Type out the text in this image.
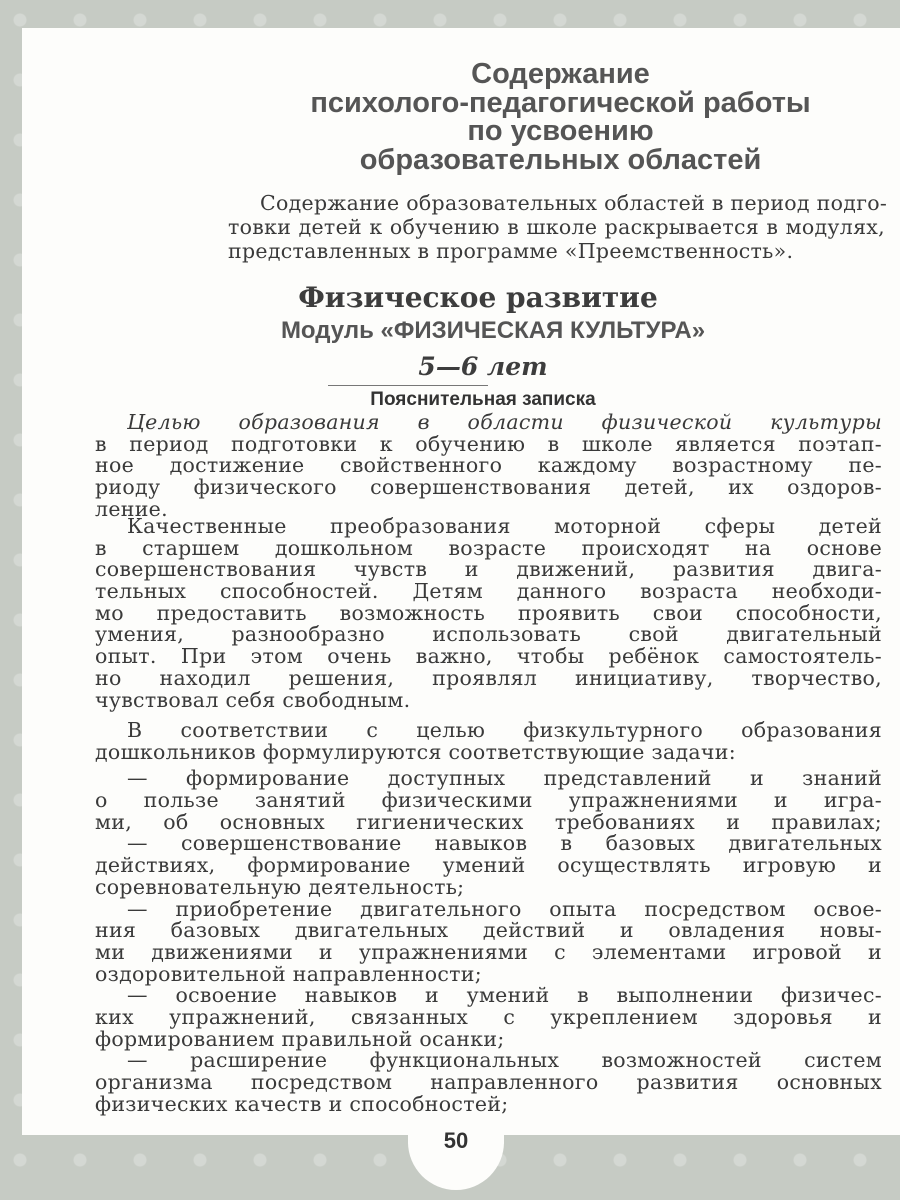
50
Содержание
психолого-педагогической работы
по усвоению
образовательных областей
Содержание образовательных областей в период подго-
товки детей к обучению в школе раскрывается в модулях,
представленных в программе «Преемственность».
Физическое развитие
Модуль «ФИЗИЧЕСКАЯ КУЛЬТУРА»
5—6 лет
Пояснительная записка
Целью образования в области физической культуры
в период подготовки к обучению в школе является поэтап-
ное достижение свойственного каждому возрастному пе-
риоду физического совершенствования детей, их оздоров-
ление.
Качественные преобразования моторной сферы детей
в старшем дошкольном возрасте происходят на основе
совершенствования чувств и движений, развития двига-
тельных способностей. Детям данного возраста необходи-
мо предоставить возможность проявить свои способности,
умения, разнообразно использовать свой двигательный
опыт. При этом очень важно, чтобы ребёнок самостоятель-
но находил решения, проявлял инициативу, творчество,
чувствовал себя свободным.
В соответствии с целью физкультурного образования
дошкольников формулируются соответствующие задачи:
— формирование доступных представлений и знаний
о пользе занятий физическими упражнениями и игра-
ми, об основных гигиенических требованиях и правилах;
— совершенствование навыков в базовых двигательных
действиях, формирование умений осуществлять игровую и
соревновательную деятельность;
— приобретение двигательного опыта посредством освое-
ния базовых двигательных действий и овладения новы-
ми движениями и упражнениями с элементами игровой и
оздоровительной направленности;
— освоение навыков и умений в выполнении физичес-
ких упражнений, связанных с укреплением здоровья и
формированием правильной осанки;
— расширение функциональных возможностей систем
организма посредством направленного развития основных
физических качеств и способностей;
